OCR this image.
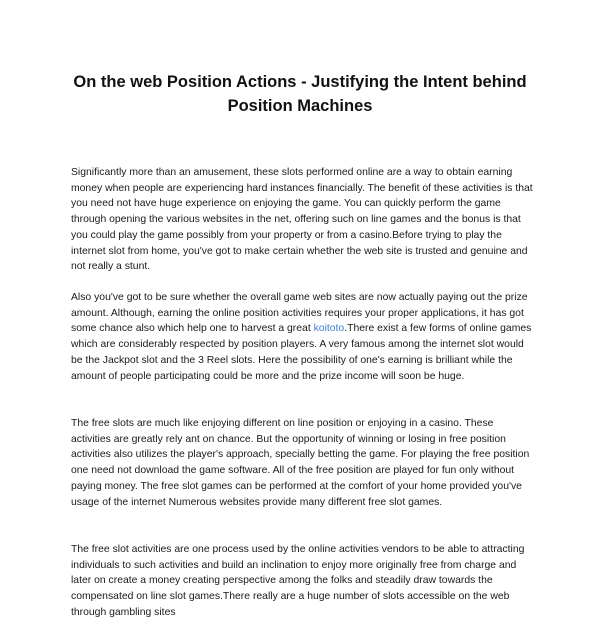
On the web Position Actions - Justifying the Intent behind Position Machines

Significantly more than an amusement, these slots performed online are a way to obtain earning money when people are experiencing hard instances financially. The benefit of these activities is that you need not have huge experience on enjoying the game. You can quickly perform the game through opening the various websites in the net, offering such on line games and the bonus is that you could play the game possibly from your property or from a casino.Before trying to play the internet slot from home, you've got to make certain whether the web site is trusted and genuine and not really a stunt.

Also you've got to be sure whether the overall game web sites are now actually paying out the prize amount. Although, earning the online position activities requires your proper applications, it has got some chance also which help one to harvest a great koitoto.There exist a few forms of online games which are considerably respected by position players. A very famous among the internet slot would be the Jackpot slot and the 3 Reel slots. Here the possibility of one's earning is brilliant while the amount of people participating could be more and the prize income will soon be huge.

The free slots are much like enjoying different on line position or enjoying in a casino. These activities are greatly rely ant on chance. But the opportunity of winning or losing in free position activities also utilizes the player's approach, specially betting the game. For playing the free position one need not download the game software. All of the free position are played for fun only without paying money. The free slot games can be performed at the comfort of your home provided you've usage of the internet Numerous websites provide many different free slot games.

The free slot activities are one process used by the online activities vendors to be able to attracting individuals to such activities and build an inclination to enjoy more originally free from charge and later on create a money creating perspective among the folks and steadily draw towards the compensated on line slot games.There really are a huge number of slots accessible on the web through gambling sites
